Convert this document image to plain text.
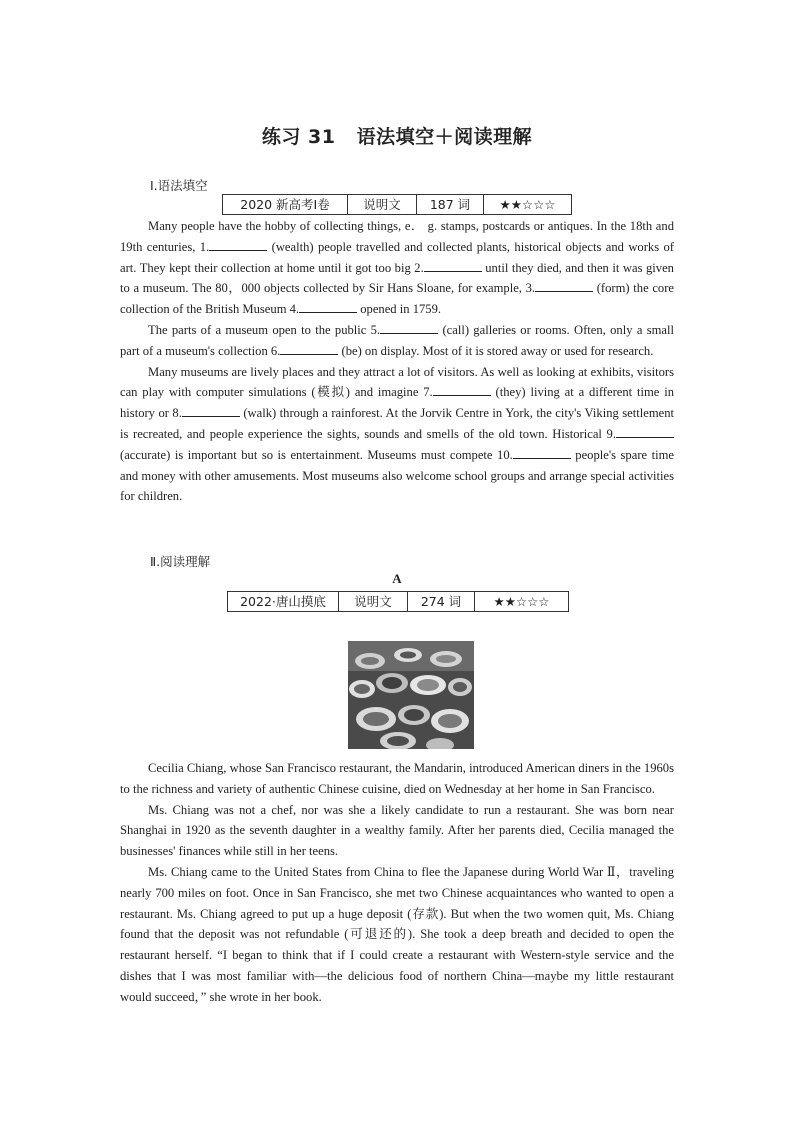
练习 31 语法填空＋阅读理解
Ⅰ.语法填空
2020 新高考Ⅰ卷	说明文	187 词	★★☆☆☆

Many people have the hobby of collecting things, e． g. stamps, postcards or antiques. In the 18th and 19th centuries, 1.	(wealth) people travelled and collected plants, historical objects and works of art. They kept their collection at home until it got too big 2.	until they died, and then it was given to a museum. The 80，000 objects collected by Sir Hans Sloane, for example, 3.	(form) the core collection of the British Museum 4.	opened in 1759.

The parts of a museum open to the public 5.	(call) galleries or rooms. Often, only a small part of a museum's collection 6.	(be) on display. Most of it is stored away or used for research.

Many museums are lively places and they attract a lot of visitors. As well as looking at exhibits, visitors can play with computer simulations (模拟) and imagine 7.	(they) living at a different time in history or 8.	(walk) through a rainforest. At the Jorvik Centre in York, the city's Viking settlement is recreated, and people experience the sights, sounds and smells of the old town. Historical 9. (accurate) is important but so is entertainment. Museums must compete 10.	people's spare time and money with other amusements. Most museums also welcome school groups and arrange special activities for children.

Ⅱ.阅读理解
A
2022·唐山摸底	说明文	274 词	★★☆☆☆

Cecilia Chiang, whose San Francisco restaurant, the Mandarin, introduced American diners in the 1960s to the richness and variety of authentic Chinese cuisine, died on Wednesday at her home in San Francisco.

Ms. Chiang was not a chef, nor was she a likely candidate to run a restaurant. She was born near Shanghai in 1920 as the seventh daughter in a wealthy family. After her parents died, Cecilia managed the businesses' finances while still in her teens.

Ms. Chiang came to the United States from China to flee the Japanese during World War Ⅱ，traveling nearly 700 miles on foot. Once in San Francisco, she met two Chinese acquaintances who wanted to open a restaurant. Ms. Chiang agreed to put up a huge deposit (存款). But when the two women quit, Ms. Chiang found that the deposit was not refundable (可退还的). She took a deep breath and decided to open the restaurant herself. “I began to think that if I could create a restaurant with Western-style service and the dishes that I was most familiar with—the delicious food of northern China—maybe my little restaurant would succeed，” she wrote in her book.
